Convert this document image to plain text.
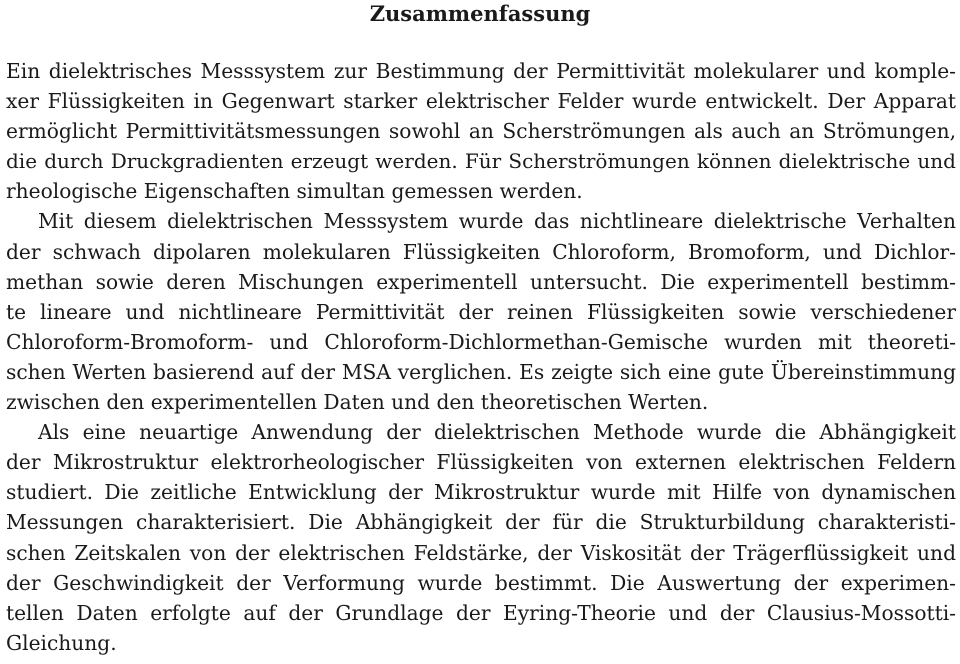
Zusammenfassung
Ein dielektrisches Messsystem zur Bestimmung der Permittivität molekularer und komple-
xer Flüssigkeiten in Gegenwart starker elektrischer Felder wurde entwickelt. Der Apparat
ermöglicht Permittivitätsmessungen sowohl an Scherströmungen als auch an Strömungen,
die durch Druckgradienten erzeugt werden. Für Scherströmungen können dielektrische und
rheologische Eigenschaften simultan gemessen werden.
Mit diesem dielektrischen Messsystem wurde das nichtlineare dielektrische Verhalten
der schwach dipolaren molekularen Flüssigkeiten Chloroform, Bromoform, und Dichlor-
methan sowie deren Mischungen experimentell untersucht. Die experimentell bestimm-
te lineare und nichtlineare Permittivität der reinen Flüssigkeiten sowie verschiedener
Chloroform-Bromoform- und Chloroform-Dichlormethan-Gemische wurden mit theoreti-
schen Werten basierend auf der MSA verglichen. Es zeigte sich eine gute Übereinstimmung
zwischen den experimentellen Daten und den theoretischen Werten.
Als eine neuartige Anwendung der dielektrischen Methode wurde die Abhängigkeit
der Mikrostruktur elektrorheologischer Flüssigkeiten von externen elektrischen Feldern
studiert. Die zeitliche Entwicklung der Mikrostruktur wurde mit Hilfe von dynamischen
Messungen charakterisiert. Die Abhängigkeit der für die Strukturbildung charakteristi-
schen Zeitskalen von der elektrischen Feldstärke, der Viskosität der Trägerflüssigkeit und
der Geschwindigkeit der Verformung wurde bestimmt. Die Auswertung der experimen-
tellen Daten erfolgte auf der Grundlage der Eyring-Theorie und der Clausius-Mossotti-
Gleichung.
